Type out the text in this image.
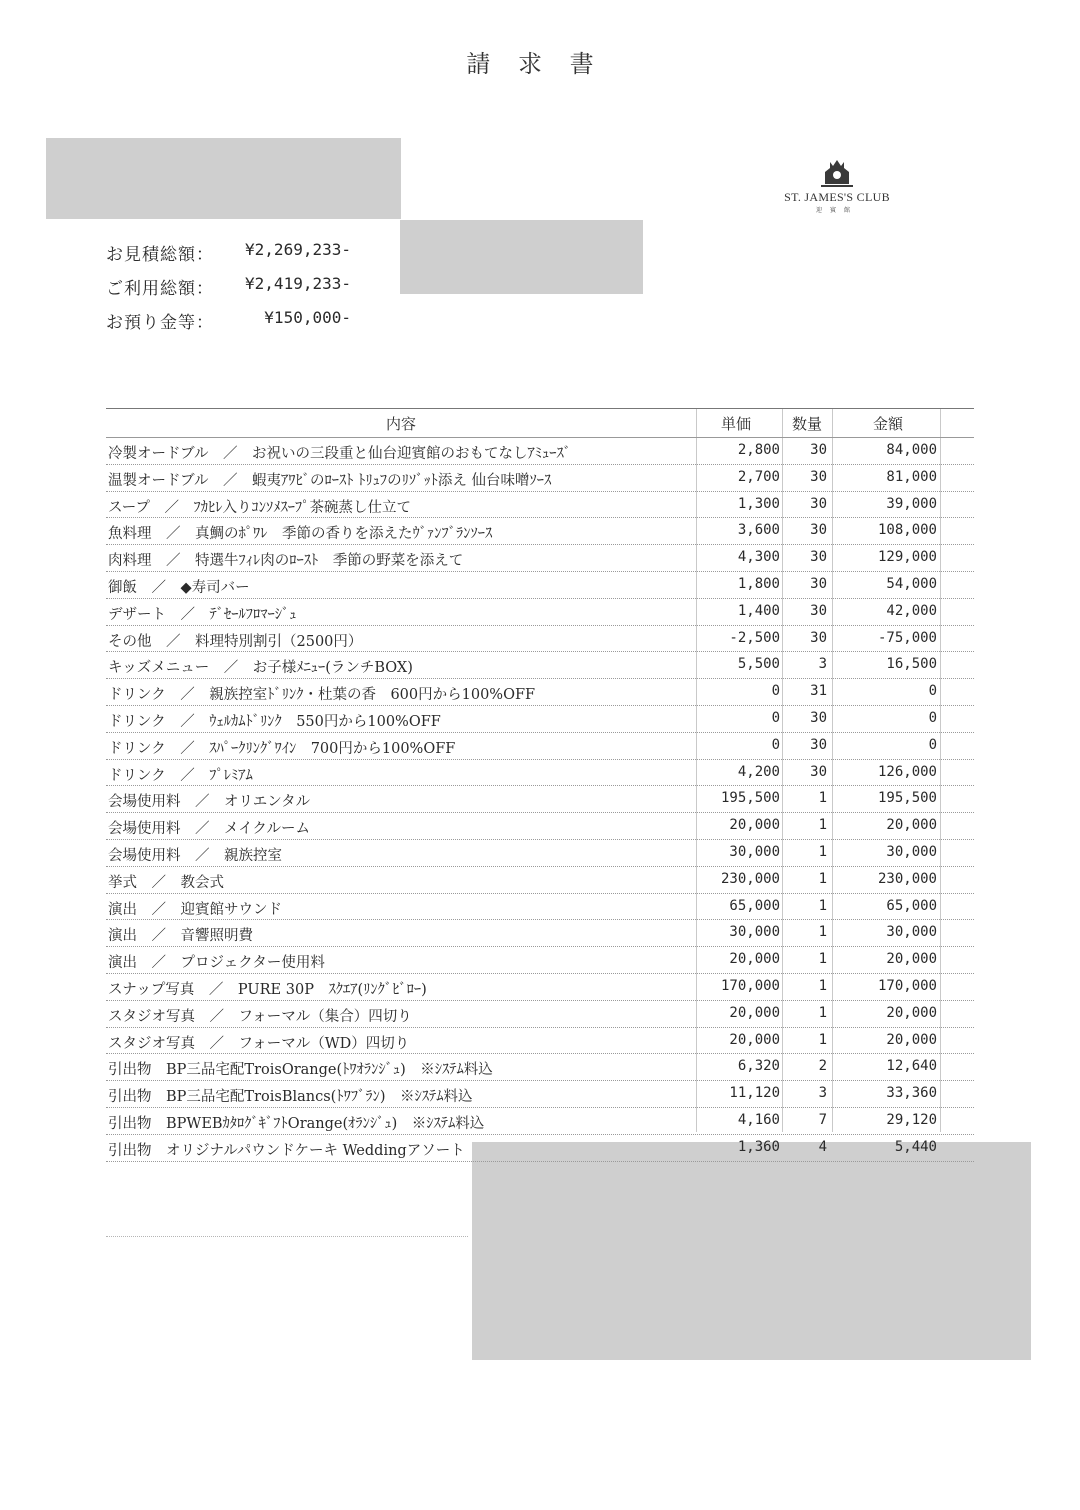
請 求 書
ST. JAMES'S CLUB
迎賓館
お見積総額： ¥2,269,233-
ご利用総額： ¥2,419,233-
お預り金等：	¥150,000-
内容	単価	数量	金額
冷製オードブル　／　お祝いの三段重と仙台迎賓館のおもてなしｱﾐｭｰｽﾞ	2,800	30	84,000
温製オードブル　／　蝦夷ｱﾜﾋﾞのﾛｰｽﾄ ﾄﾘｭﾌのﾘｿﾞｯﾄ添え 仙台味噌ｿｰｽ	2,700	30	81,000
スープ　／　ﾌｶﾋﾚ入りｺﾝｿﾒｽｰﾌﾟ茶碗蒸し仕立て	1,300	30	39,000
魚料理　／　真鯛のﾎﾟﾜﾚ　季節の香りを添えたｳﾞｧﾝﾌﾞﾗﾝｿｰｽ	3,600	30	108,000
肉料理　／　特選牛ﾌｨﾚ肉のﾛｰｽﾄ　季節の野菜を添えて	4,300	30	129,000
御飯　／　◆寿司バー	1,800	30	54,000
デザート　／　ﾃﾞｾｰﾙﾌﾛﾏｰｼﾞｭ	1,400	30	42,000
その他　／　料理特別割引（2500円）	-2,500	30	-75,000
キッズメニュー　／　お子様ﾒﾆｭｰ(ランチBOX)	5,500	3	16,500
ドリンク　／　親族控室ﾄﾞﾘﾝｸ・杜葉の香　600円から100%OFF	0	31	0
ドリンク　／　ｳｪﾙｶﾑﾄﾞﾘﾝｸ　550円から100%OFF	0	30	0
ドリンク　／　ｽﾊﾟｰｸﾘﾝｸﾞﾜｲﾝ　700円から100%OFF	0	30	0
ドリンク　／　ﾌﾟﾚﾐｱﾑ	4,200	30	126,000
会場使用料　／　オリエンタル	195,500	1	195,500
会場使用料　／　メイクルーム	20,000	1	20,000
会場使用料　／　親族控室	30,000	1	30,000
挙式　／　教会式	230,000	1	230,000
演出　／　迎賓館サウンド	65,000	1	65,000
演出　／　音響照明費	30,000	1	30,000
演出　／　プロジェクター使用料	20,000	1	20,000
スナップ写真　／　PURE 30P　ｽｸｴｱ(ﾘﾝｸﾞﾋﾞﾛｰ)	170,000	1	170,000
スタジオ写真　／　フォーマル（集合）四切り	20,000	1	20,000
スタジオ写真　／　フォーマル（WD）四切り	20,000	1	20,000
引出物　BP三品宅配TroisOrange(ﾄﾜｵﾗﾝｼﾞｭ)　※ｼｽﾃﾑ料込	6,320	2	12,640
引出物　BP三品宅配TroisBlancs(ﾄﾜﾌﾞﾗﾝ)　※ｼｽﾃﾑ料込	11,120	3	33,360
引出物　BPWEBｶﾀﾛｸﾞｷﾞﾌﾄOrange(ｵﾗﾝｼﾞｭ)　※ｼｽﾃﾑ料込	4,160	7	29,120
引出物　オリジナルパウンドケーキ Weddingアソート	1,360	4	5,440
